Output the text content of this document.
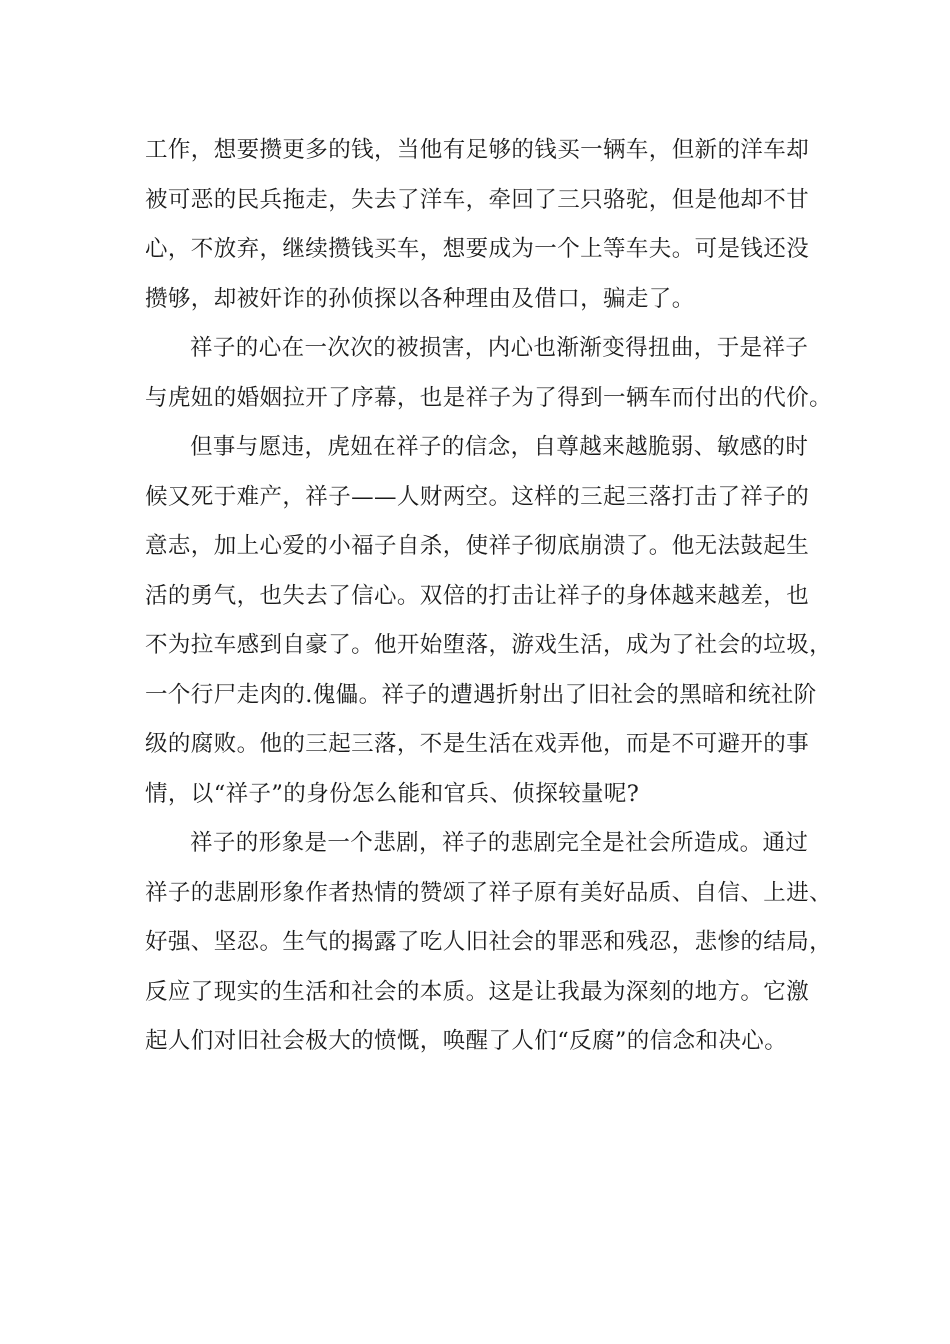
工作，想要攒更多的钱，当他有足够的钱买一辆车，但新的洋车却
被可恶的民兵拖走，失去了洋车，牵回了三只骆驼，但是他却不甘
心，不放弃，继续攒钱买车，想要成为一个上等车夫。可是钱还没
攒够，却被奸诈的孙侦探以各种理由及借口，骗走了。
祥子的心在一次次的被损害，内心也渐渐变得扭曲，于是祥子
与虎妞的婚姻拉开了序幕，也是祥子为了得到一辆车而付出的代价。
但事与愿违，虎妞在祥子的信念，自尊越来越脆弱、敏感的时
候又死于难产，祥子——人财两空。这样的三起三落打击了祥子的
意志，加上心爱的小福子自杀，使祥子彻底崩溃了。他无法鼓起生
活的勇气，也失去了信心。双倍的打击让祥子的身体越来越差，也
不为拉车感到自豪了。他开始堕落，游戏生活，成为了社会的垃圾，
一个行尸走肉的.傀儡。祥子的遭遇折射出了旧社会的黑暗和统社阶
级的腐败。他的三起三落，不是生活在戏弄他，而是不可避开的事
情，以“祥子”的身份怎么能和官兵、侦探较量呢?
祥子的形象是一个悲剧，祥子的悲剧完全是社会所造成。通过
祥子的悲剧形象作者热情的赞颂了祥子原有美好品质、自信、上进、
好强、坚忍。生气的揭露了吃人旧社会的罪恶和残忍，悲惨的结局，
反应了现实的生活和社会的本质。这是让我最为深刻的地方。它激
起人们对旧社会极大的愤慨，唤醒了人们“反腐”的信念和决心。
